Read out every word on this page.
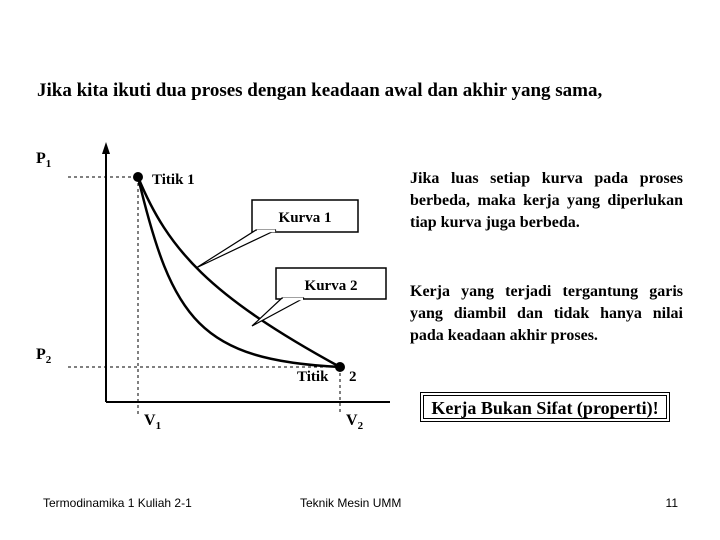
Jika kita ikuti dua proses dengan keadaan awal dan akhir yang sama,
$P_1$
$P_2$
$V_1$	$V_2$
Titik 1
Titik 2
Kurva 1
Kurva 2
Jika luas setiap kurva pada proses berbeda, maka kerja yang diperlukan tiap kurva juga berbeda.
Kerja yang terjadi tergantung garis yang diambil dan tidak hanya nilai pada keadaan akhir proses.
Kerja Bukan Sifat (properti)!
Termodinamika 1 Kuliah 2-1	Teknik Mesin UMM	11
